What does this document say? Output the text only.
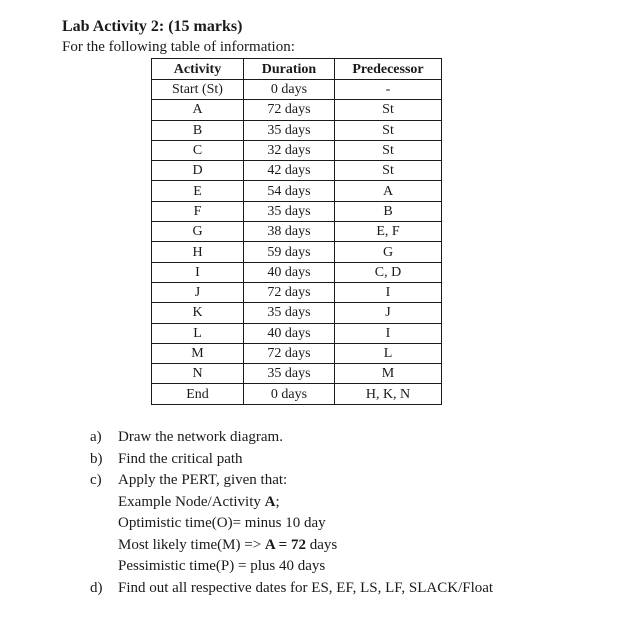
Lab Activity 2: (15 marks)
For the following table of information:
Activity	Duration	Predecessor
Start (St)	0 days	-
A	72 days	St
B	35 days	St
C	32 days	St
D	42 days	St
E	54 days	A
F	35 days	B
G	38 days	E, F
H	59 days	G
I	40 days	C, D
J	72 days	I
K	35 days	J
L	40 days	I
M	72 days	L
N	35 days	M
End	0 days	H, K, N
a) Draw the network diagram.
b) Find the critical path
c) Apply the PERT, given that:
Example Node/Activity A;
Optimistic time(O)= minus 10 day
Most likely time(M) => A = 72 days
Pessimistic time(P) = plus 40 days
d) Find out all respective dates for ES, EF, LS, LF, SLACK/Float
